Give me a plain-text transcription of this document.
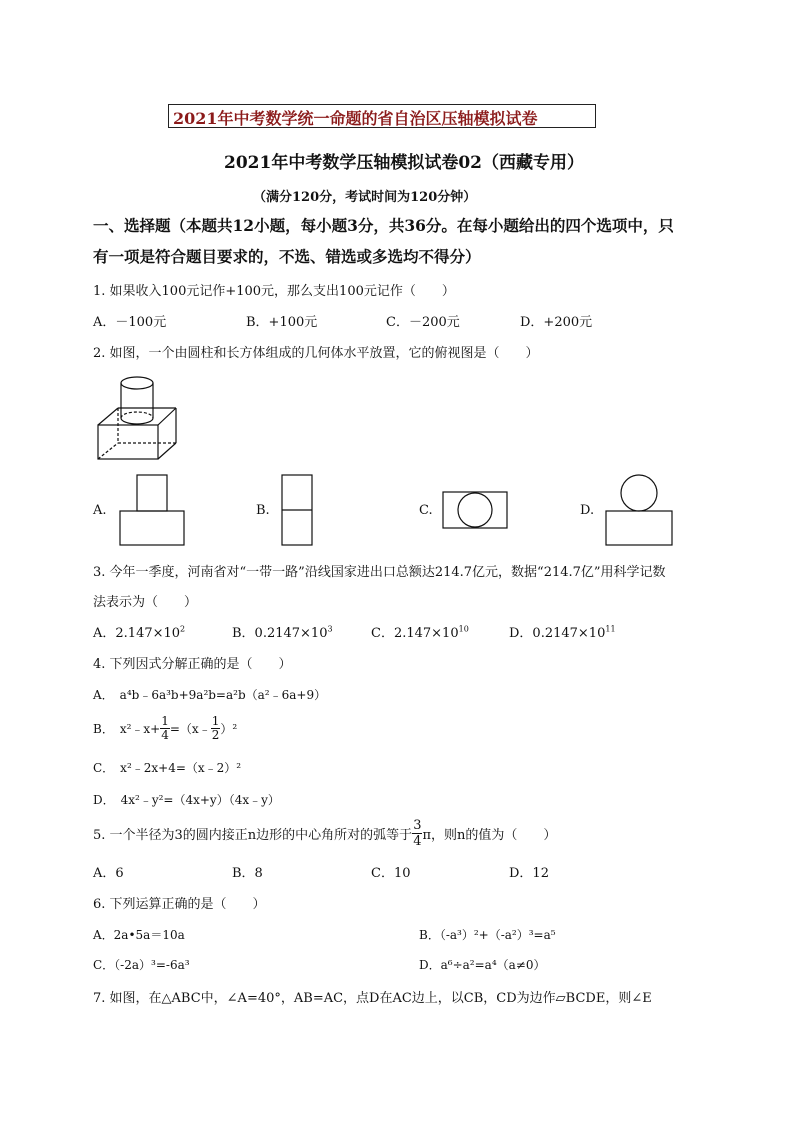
2021年中考数学统一命题的省自治区压轴模拟试卷
2021年中考数学压轴模拟试卷02（西藏专用）
（满分120分，考试时间为120分钟）
一、选择题（本题共12小题，每小题3分，共36分。在每小题给出的四个选项中，只
有一项是符合题目要求的，不选、错选或多选均不得分）
1. 如果收入100元记作+100元，那么支出100元记作（　　）
A．－100元	B．+100元	C．－200元	D．+200元
2. 如图，一个由圆柱和长方体组成的几何体水平放置，它的俯视图是（　　）
A.	B.	C.	D.
3. 今年一季度，河南省对“一带一路”沿线国家进出口总额达214.7亿元，数据“214.7亿”用科学记数
法表示为（　　）
A．$2.147\times 10^2$	B．$0.2147\times 10^3$	C．$2.147\times 10^{10}$	D．$0.2147\times 10^{11}$
4. 下列因式分解正确的是（　　）
A．　a⁴b﹣6a³b+9a²b=a²b（a²﹣6a+9）
B．　x²﹣x+ $\frac{1}{4}$ =（x﹣ $\frac{1}{2} )^2$
C．　x²﹣2x+4=（x﹣2）²
D．　4x²﹣y²=（4x+y）（4x﹣y）
5. 一个半径为3的圆内接正n边形的中心角所对的弧等于 $\frac{3}{4}$ π，则n的值为（　　）
A．6	B．8	C．10	D．12
6. 下列运算正确的是（　　）
A．2a•5a＝10a	B．（-a³）²+（-a²）³=a⁵
C．（-2a）³=-6a³	D．a⁶÷a²=a⁴（a≠0）
7. 如图，在△ABC中，∠A=40°，AB=AC，点D在AC边上，以CB，CD为边作▱BCDE，则∠E
